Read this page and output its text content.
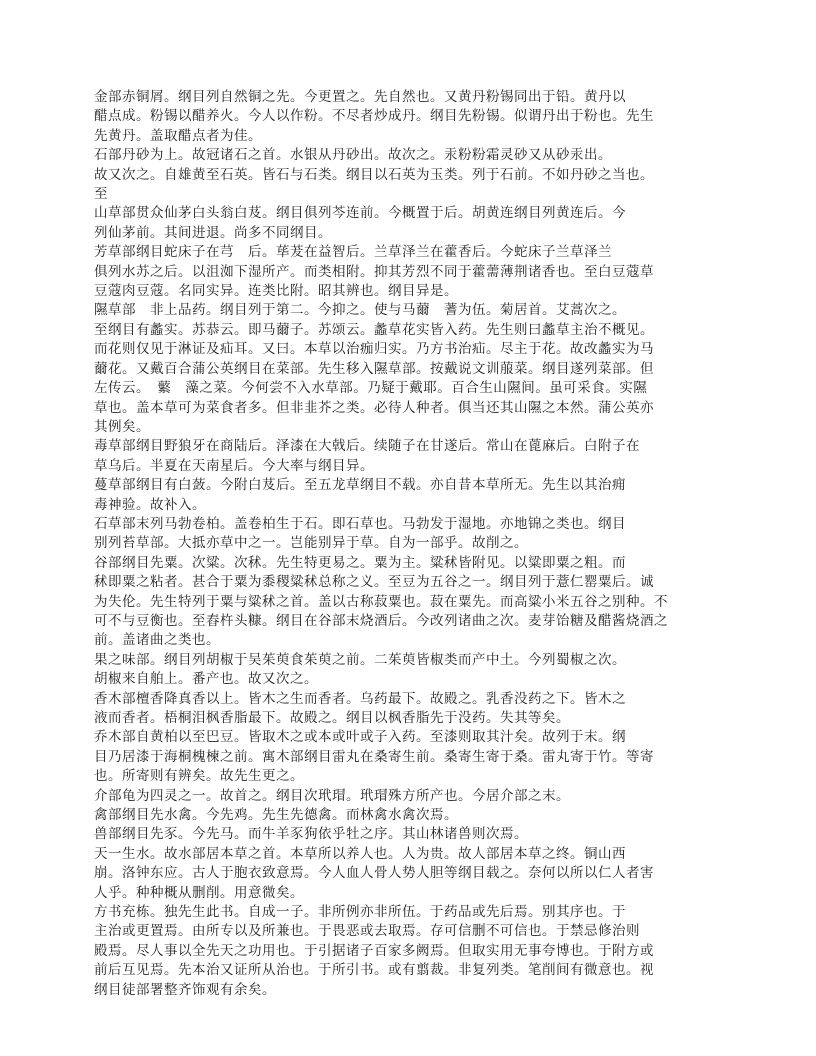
金部赤铜屑。纲目列自然铜之先。今更置之。先自然也。又黄丹粉锡同出于铅。黄丹以
醋点成。粉锡以醋养火。今人以作粉。不尽者炒成丹。纲目先粉锡。似谓丹出于粉也。先生
先黄丹。盖取醋点者为佳。
石部丹砂为上。故冠诸石之首。水银从丹砂出。故次之。汞粉粉霜灵砂又从砂汞出。
故又次之。自雄黄至石英。皆石与石类。纲目以石英为玉类。列于石前。不如丹砂之当也。
至
山草部贯众仙茅白头翁白芨。纲目俱列芩连前。今概置于后。胡黄连纲目列黄连后。今
列仙茅前。其间进退。尚多不同纲目。
芳草部纲目蛇床子在芎　后。荜茇在益智后。兰草泽兰在藿香后。今蛇床子兰草泽兰
俱列水苏之后。以沮洳下湿所产。而类相附。抑其芳烈不同于藿薷薄荆诸香也。至白豆蔻草
豆蔻肉豆蔻。名同实异。连类比附。昭其辨也。纲目异是。
隰草部　非上品药。纲目列于第二。今抑之。使与马薾　蓍为伍。菊居首。艾蒿次之。
至纲目有蠡实。苏恭云。即马薾子。苏颂云。蠡草花实皆入药。先生则曰蠡草主治不概见。
而花则仅见于淋证及疝耳。又曰。本草以治痂归实。乃方书治疝。尽主于花。故改蠡实为马
薾花。又戴百合蒲公英纲目在菜部。先生移入隰草部。按戴说文训菔菜。纲目遂列菜部。但
左传云。　蘩　藻之菜。今何尝不入水草部。乃疑于戴耶。百合生山隰间。虽可采食。实隰
草也。盖本草可为菜食者多。但非韭芥之类。必待人种者。俱当还其山隰之本然。蒲公英亦
其例矣。
毒草部纲目野狼牙在商陆后。泽漆在大戟后。续随子在甘遂后。常山在蓖麻后。白附子在
草乌后。半夏在天南星后。今大率与纲目异。
蔓草部纲目有白蔹。今附白芨后。至五龙草纲目不载。亦自昔本草所无。先生以其治痈
毒神验。故补入。
石草部末列马勃卷柏。盖卷柏生于石。即石草也。马勃发于湿地。亦地锦之类也。纲目
别列苔草部。大抵亦草中之一。岂能别异于草。自为一部乎。故削之。
谷部纲目先粟。次粱。次秫。先生特更易之。粟为主。粱秫皆附见。以粱即粟之粗。而
秫即粟之粘者。甚合于粟为黍稷粱秫总称之义。至豆为五谷之一。纲目列于薏仁罂粟后。诚
为失伦。先生特列于粟与粱秫之首。盖以古称菽粟也。菽在粟先。而高粱小米五谷之别种。不
可不与豆衡也。至舂杵头糠。纲目在谷部末烧酒后。今改列诸曲之次。麦芽饴糖及醋酱烧酒之
前。盖诸曲之类也。
果之味部。纲目列胡椒于吴茱萸食茱萸之前。二茱萸皆椒类而产中土。今列蜀椒之次。
胡椒来自舶上。番产也。故又次之。
香木部檀香降真香以上。皆木之生而香者。乌药最下。故殿之。乳香没药之下。皆木之
液而香者。梧桐泪枫香脂最下。故殿之。纲目以枫香脂先于没药。失其等矣。
乔木部自黄柏以至巴豆。皆取木之或本或叶或子入药。至漆则取其汁矣。故列于末。纲
目乃居漆于海桐槐楝之前。寓木部纲目雷丸在桑寄生前。桑寄生寄于桑。雷丸寄于竹。等寄
也。所寄则有辨矣。故先生更之。
介部龟为四灵之一。故首之。纲目次玳瑁。玳瑁殊方所产也。今居介部之末。
禽部纲目先水禽。今先鸡。先生先德禽。而林禽水禽次焉。
兽部纲目先豕。今先马。而牛羊豕狗依乎牡之序。其山林诸兽则次焉。
天一生水。故水部居本草之首。本草所以养人也。人为贵。故人部居本草之终。铜山西
崩。洛钟东应。古人于胞衣致意焉。今人血人骨人势人胆等纲目载之。奈何以所以仁人者害
人乎。种种概从删削。用意微矣。
方书充栋。独先生此书。自成一子。非所例亦非所伍。于药品或先后焉。别其序也。于
主治或更置焉。由所专以及所兼也。于畏恶或去取焉。存可信删不可信也。于禁忌修治则
殿焉。尽人事以全先天之功用也。于引据诸子百家多阙焉。但取实用无事夸博也。于附方或
前后互见焉。先本治又证所从治也。于所引书。或有翦裁。非复列类。笔削间有微意也。视
纲目徒部署整齐饰观有余矣。
